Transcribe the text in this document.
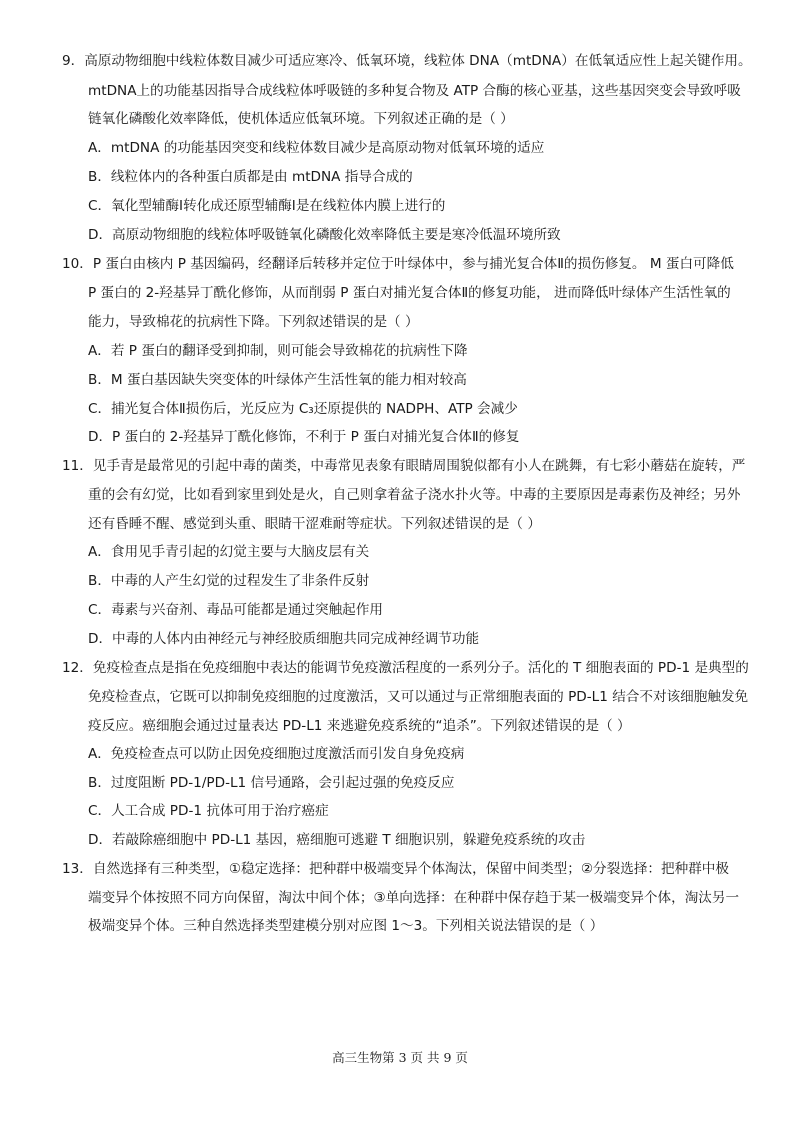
9．高原动物细胞中线粒体数目减少可适应寒冷、低氧环境，线粒体 DNA（mtDNA）在低氧适应性上起关键作用。
mtDNA上的功能基因指导合成线粒体呼吸链的多种复合物及 ATP 合酶的核心亚基，这些基因突变会导致呼吸
链氧化磷酸化效率降低，使机体适应低氧环境。下列叙述正确的是（ ）
A．mtDNA 的功能基因突变和线粒体数目减少是高原动物对低氧环境的适应
B．线粒体内的各种蛋白质都是由 mtDNA 指导合成的
C．氧化型辅酶Ⅰ转化成还原型辅酶Ⅰ是在线粒体内膜上进行的
D．高原动物细胞的线粒体呼吸链氧化磷酸化效率降低主要是寒冷低温环境所致
10．P 蛋白由核内 P 基因编码，经翻译后转移并定位于叶绿体中，参与捕光复合体Ⅱ的损伤修复。 M 蛋白可降低
P 蛋白的 2-羟基异丁酰化修饰，从而削弱 P 蛋白对捕光复合体Ⅱ的修复功能， 进而降低叶绿体产生活性氧的
能力，导致棉花的抗病性下降。下列叙述错误的是（ ）
A．若 P 蛋白的翻译受到抑制，则可能会导致棉花的抗病性下降
B．M 蛋白基因缺失突变体的叶绿体产生活性氧的能力相对较高
C．捕光复合体Ⅱ损伤后，光反应为 C₃还原提供的 NADPH、ATP 会减少
D．P 蛋白的 2-羟基异丁酰化修饰，不利于 P 蛋白对捕光复合体Ⅱ的修复
11．见手青是最常见的引起中毒的菌类，中毒常见表象有眼睛周围貌似都有小人在跳舞，有七彩小蘑菇在旋转，严
重的会有幻觉，比如看到家里到处是火，自己则拿着盆子浇水扑火等。中毒的主要原因是毒素伤及神经；另外
还有昏睡不醒、感觉到头重、眼睛干涩难耐等症状。下列叙述错误的是（ ）
A．食用见手青引起的幻觉主要与大脑皮层有关
B．中毒的人产生幻觉的过程发生了非条件反射
C．毒素与兴奋剂、毒品可能都是通过突触起作用
D．中毒的人体内由神经元与神经胶质细胞共同完成神经调节功能
12．免疫检查点是指在免疫细胞中表达的能调节免疫激活程度的一系列分子。活化的 T 细胞表面的 PD-1 是典型的
免疫检查点，它既可以抑制免疫细胞的过度激活，又可以通过与正常细胞表面的 PD-L1 结合不对该细胞触发免
疫反应。癌细胞会通过过量表达 PD-L1 来逃避免疫系统的“追杀”。下列叙述错误的是（ ）
A．免疫检查点可以防止因免疫细胞过度激活而引发自身免疫病
B．过度阻断 PD-1/PD-L1 信号通路，会引起过强的免疫反应
C．人工合成 PD-1 抗体可用于治疗癌症
D．若敲除癌细胞中 PD-L1 基因，癌细胞可逃避 T 细胞识别，躲避免疫系统的攻击
13．自然选择有三种类型，①稳定选择：把种群中极端变异个体淘汰，保留中间类型；②分裂选择：把种群中极
端变异个体按照不同方向保留，淘汰中间个体；③单向选择：在种群中保存趋于某一极端变异个体，淘汰另一
极端变异个体。三种自然选择类型建模分别对应图 1～3。下列相关说法错误的是（ ）
高三生物第 3 页 共 9 页
